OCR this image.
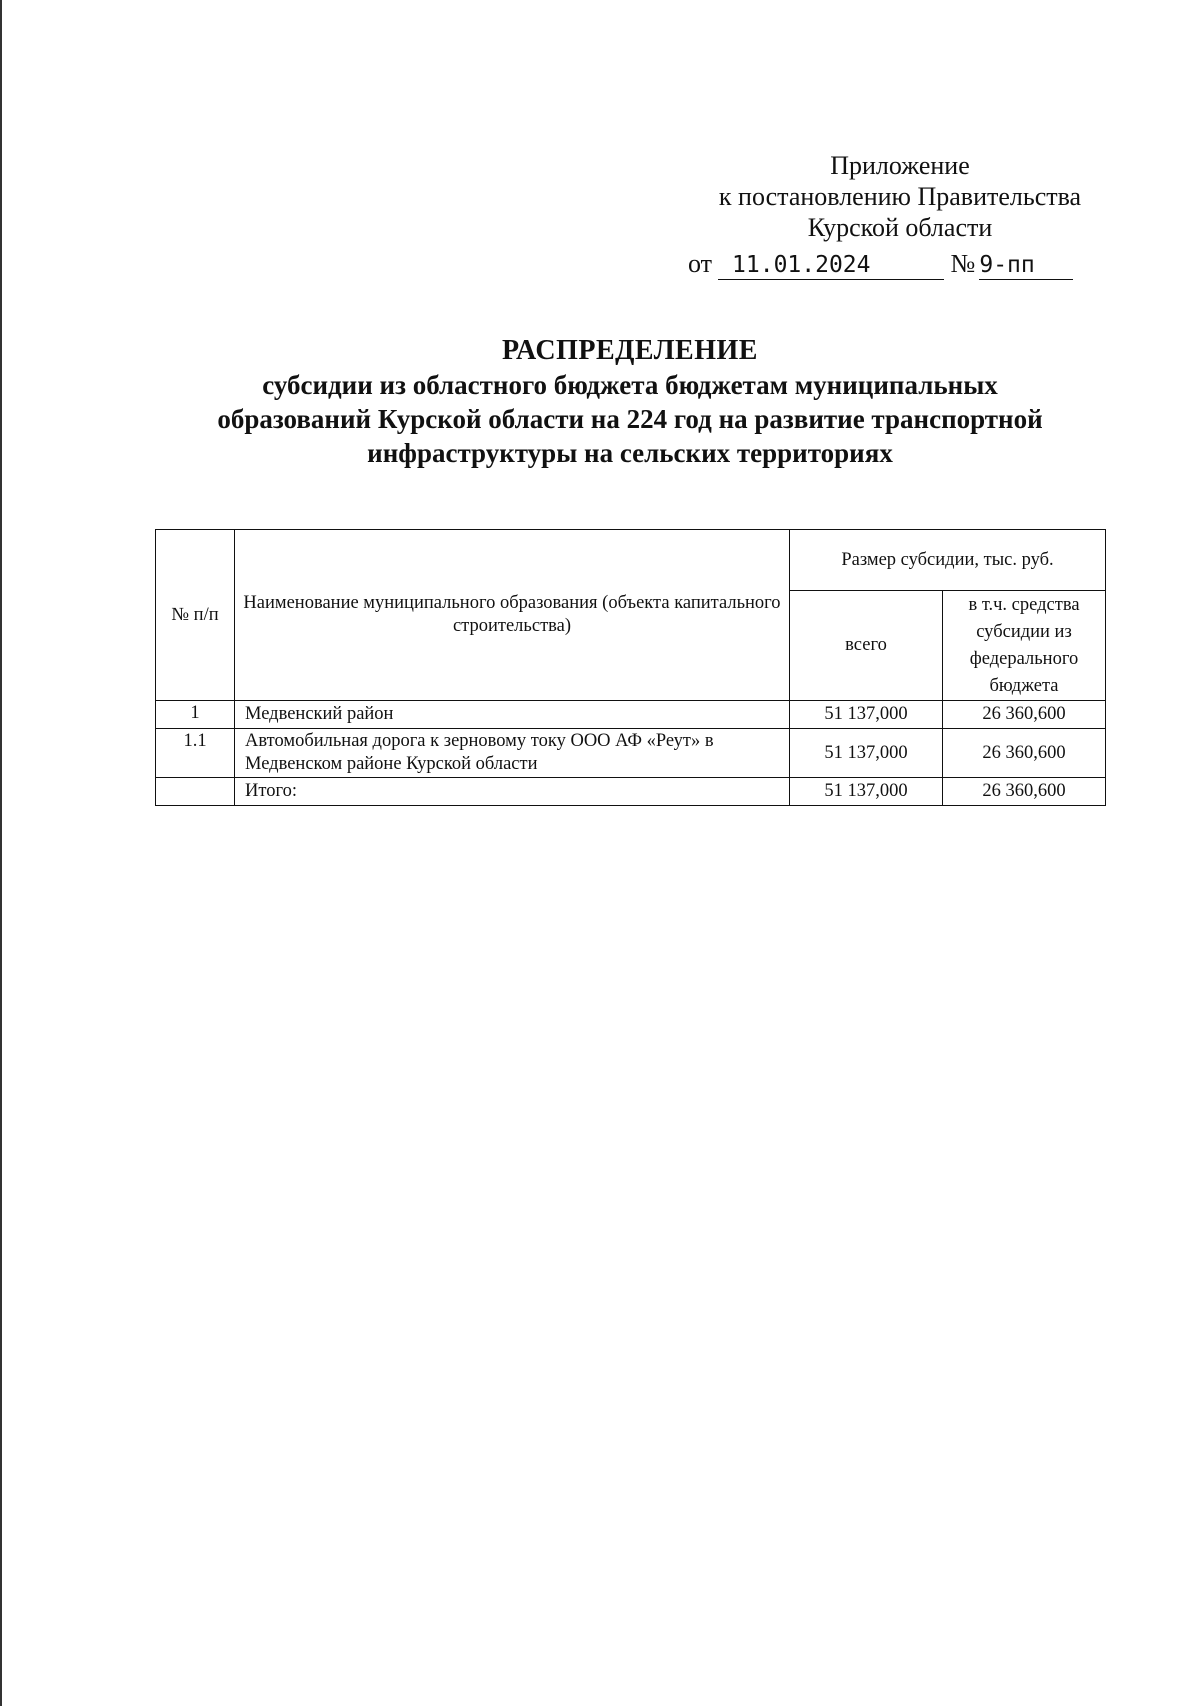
Приложение
к постановлению Правительства
Курской области
от 11.01.2024	№ 9-пп
РАСПРЕДЕЛЕНИЕ
субсидии из областного бюджета бюджетам муниципальных
образований Курской области на 224 год на развитие транспортной
инфраструктуры на сельских территориях
№ п/п	Наименование муниципального образования (объекта капитального строительства)	Размер субсидии, тыс. руб.	
		всего	в т.ч. средства субсидии из федерального бюджета
1	Медвенский район	51 137,000	26 360,600
1.1	Автомобильная дорога к зерновому току ООО АФ «Реут» в Медвенском районе Курской области	51 137,000	26 360,600
	Итого:	51 137,000	26 360,600
